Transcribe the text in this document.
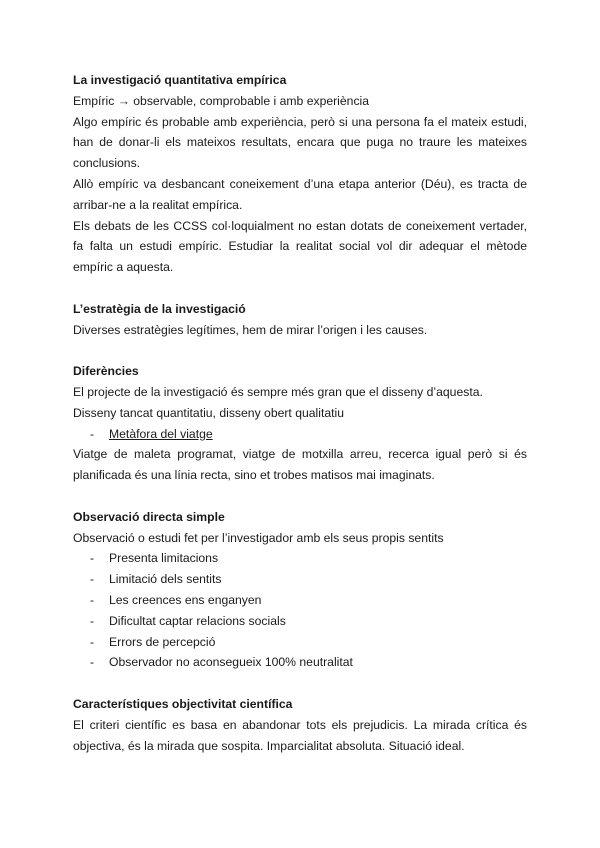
La investigació quantitativa empírica

Empíric → observable, comprobable i amb experiència

Algo empíric és probable amb experiència, però si una persona fa el mateix estudi, han de donar-li els mateixos resultats, encara que puga no traure les mateixes conclusions.

Allò empíric va desbancant coneixement d’una etapa anterior (Déu), es tracta de arribar-ne a la realitat empírica.

Els debats de les CCSS col·loquialment no estan dotats de coneixement vertader, fa falta un estudi empíric. Estudiar la realitat social vol dir adequar el mètode empíric a aquesta.

L’estratègia de la investigació

Diverses estratègies legítimes, hem de mirar l’origen i les causes.

Diferències

El projecte de la investigació és sempre més gran que el disseny d’aquesta.

Disseny tancat quantitatiu, disseny obert qualitatiu

- Metàfora del viatge

Viatge de maleta programat, viatge de motxilla arreu, recerca igual però si és planificada és una línia recta, sino et trobes matisos mai imaginats.

Observació directa simple

Observació o estudi fet per l’investigador amb els seus propis sentits

- Presenta limitacions
- Limitació dels sentits
- Les creences ens enganyen
- Dificultat captar relacions socials
- Errors de percepció
- Observador no aconsegueix 100% neutralitat

Característiques objectivitat científica

El criteri científic es basa en abandonar tots els prejudicis. La mirada crítica és objectiva, és la mirada que sospita. Imparcialitat absoluta. Situació ideal.
